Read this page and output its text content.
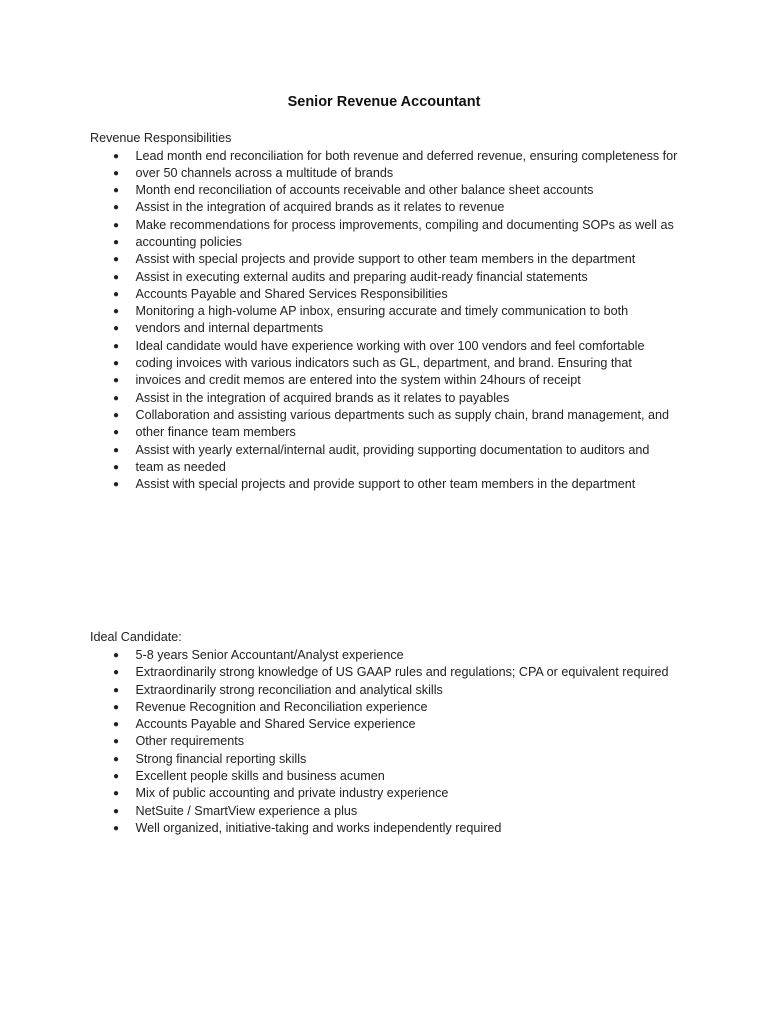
Senior Revenue Accountant
Revenue Responsibilities
● Lead month end reconciliation for both revenue and deferred revenue, ensuring completeness for
● over 50 channels across a multitude of brands
● Month end reconciliation of accounts receivable and other balance sheet accounts
● Assist in the integration of acquired brands as it relates to revenue
● Make recommendations for process improvements, compiling and documenting SOPs as well as
● accounting policies
● Assist with special projects and provide support to other team members in the department
● Assist in executing external audits and preparing audit-ready financial statements
● Accounts Payable and Shared Services Responsibilities
● Monitoring a high-volume AP inbox, ensuring accurate and timely communication to both
● vendors and internal departments
● Ideal candidate would have experience working with over 100 vendors and feel comfortable
● coding invoices with various indicators such as GL, department, and brand. Ensuring that
● invoices and credit memos are entered into the system within 24hours of receipt
● Assist in the integration of acquired brands as it relates to payables
● Collaboration and assisting various departments such as supply chain, brand management, and
● other finance team members
● Assist with yearly external/internal audit, providing supporting documentation to auditors and
● team as needed
● Assist with special projects and provide support to other team members in the department
Ideal Candidate:
● 5-8 years Senior Accountant/Analyst experience
● Extraordinarily strong knowledge of US GAAP rules and regulations; CPA or equivalent required
● Extraordinarily strong reconciliation and analytical skills
● Revenue Recognition and Reconciliation experience
● Accounts Payable and Shared Service experience
● Other requirements
● Strong financial reporting skills
● Excellent people skills and business acumen
● Mix of public accounting and private industry experience
● NetSuite / SmartView experience a plus
● Well organized, initiative-taking and works independently required
